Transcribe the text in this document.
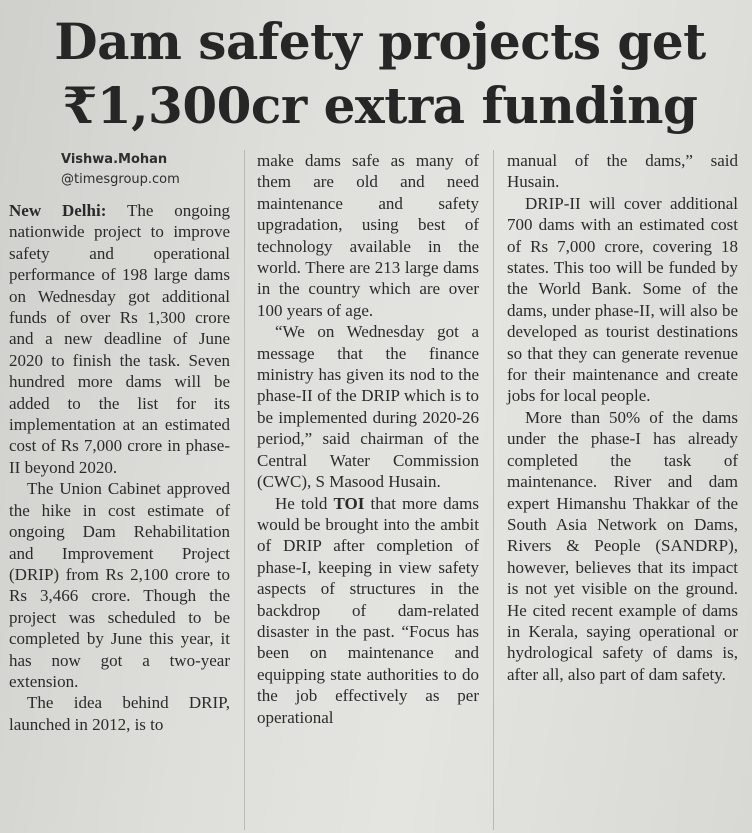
Dam safety projects get
₹1,300cr extra funding
Vishwa.Mohan
@timesgroup.com

New Delhi: The ongoing nationwide project to improve safety and operational performance of 198 large dams on Wednesday got additional funds of over Rs 1,300 crore and a new deadline of June 2020 to finish the task. Seven hundred more dams will be added to the list for its implementation at an estimated cost of Rs 7,000 crore in phase-II beyond 2020.

The Union Cabinet approved the hike in cost estimate of ongoing Dam Rehabilitation and Improvement Project (DRIP) from Rs 2,100 crore to Rs 3,466 crore. Though the project was scheduled to be completed by June this year, it has now got a two-year extension.

The idea behind DRIP, launched in 2012, is to

make dams safe as many of them are old and need maintenance and safety upgradation, using best of technology available in the world. There are 213 large dams in the country which are over 100 years of age.

“We on Wednesday got a message that the finance ministry has given its nod to the phase-II of the DRIP which is to be implemented during 2020-26 period,” said chairman of the Central Water Commission (CWC), S Masood Husain.

He told TOI that more dams would be brought into the ambit of DRIP after completion of phase-I, keeping in view safety aspects of structures in the backdrop of dam-related disaster in the past. “Focus has been on maintenance and equipping state authorities to do the job effectively as per operational

manual of the dams,” said Husain.

DRIP-II will cover additional 700 dams with an estimated cost of Rs 7,000 crore, covering 18 states. This too will be funded by the World Bank. Some of the dams, under phase-II, will also be developed as tourist destinations so that they can generate revenue for their maintenance and create jobs for local people.

More than 50% of the dams under the phase-I has already completed the task of maintenance. River and dam expert Himanshu Thakkar of the South Asia Network on Dams, Rivers & People (SANDRP), however, believes that its impact is not yet visible on the ground. He cited recent example of dams in Kerala, saying operational or hydrological safety of dams is, after all, also part of dam safety.
